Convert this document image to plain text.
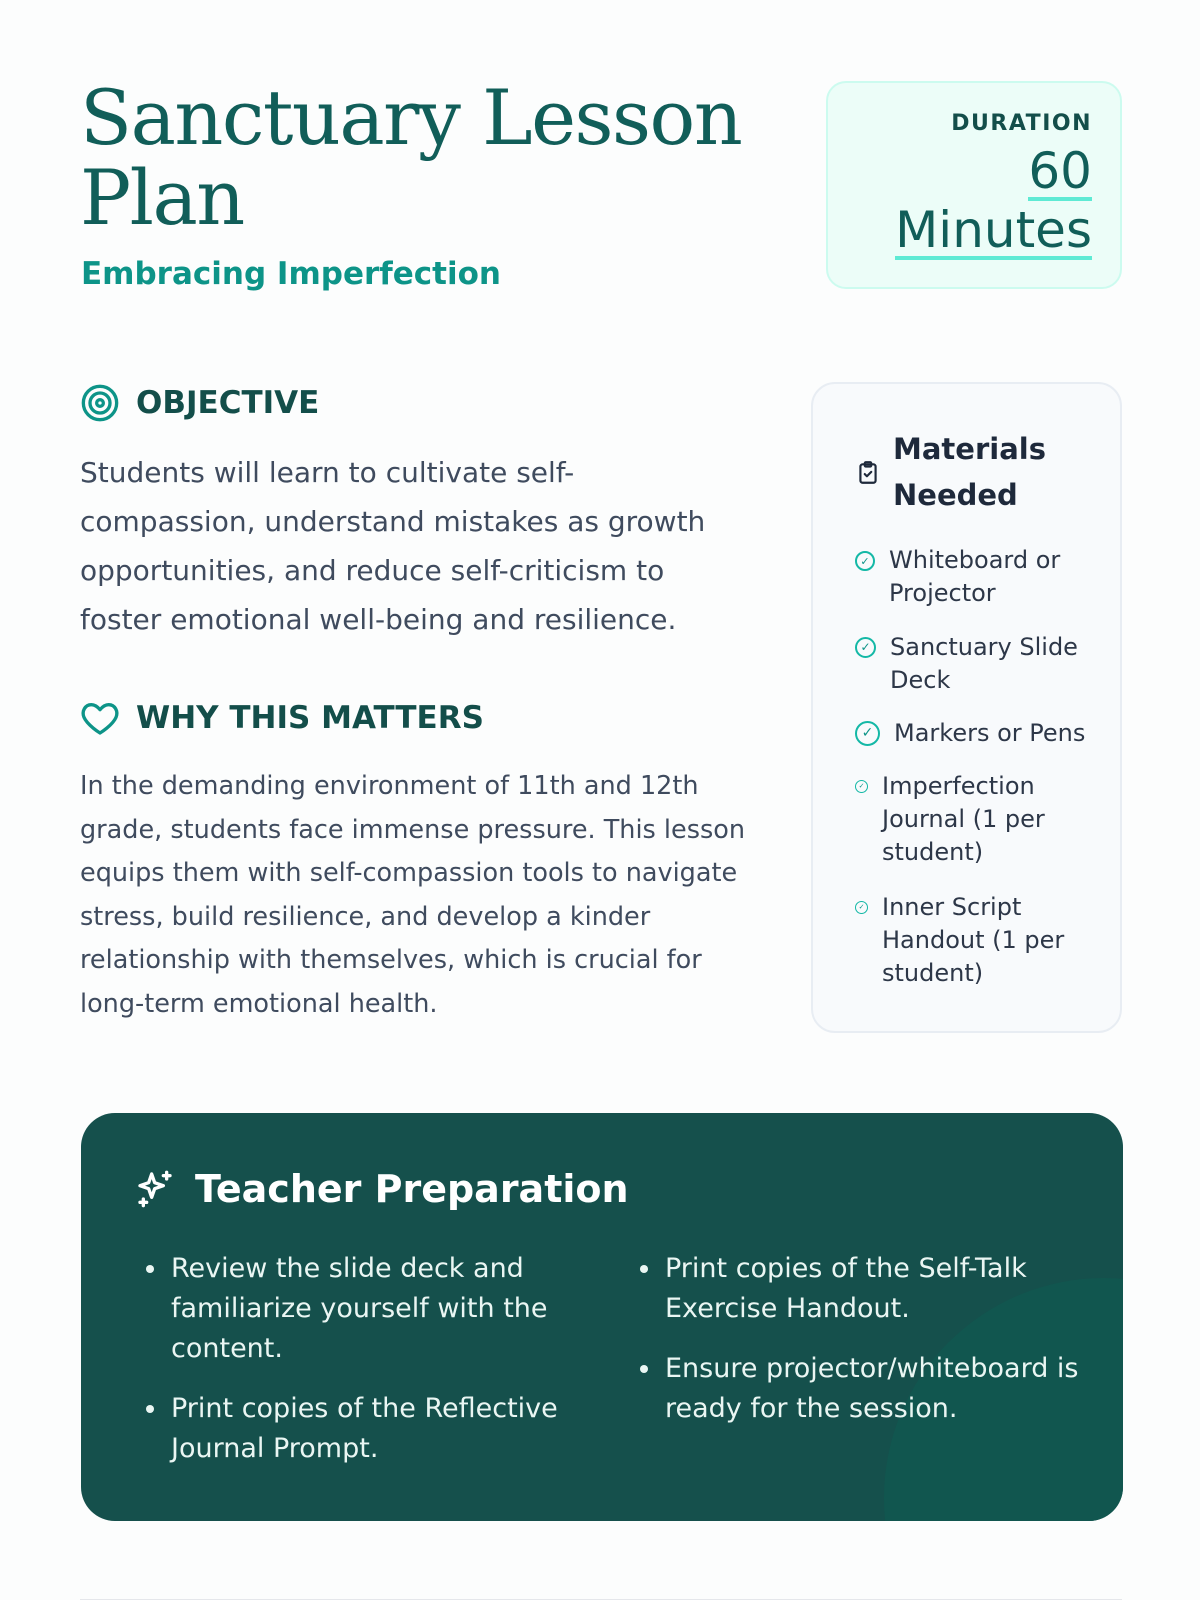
Sanctuary Lesson Plan
Embracing Imperfection
DURATION
60
Minutes
OBJECTIVE

Students will learn to cultivate self-compassion, understand mistakes as growth opportunities, and reduce self-criticism to foster emotional well-being and resilience.

WHY THIS MATTERS

In the demanding environment of 11th and 12th grade, students face immense pressure. This lesson equips them with self-compassion tools to navigate stress, build resilience, and develop a kinder relationship with themselves, which is crucial for long-term emotional health.

Materials Needed
✓ Whiteboard or Projector
✓ Sanctuary Slide Deck
✓ Markers or Pens
✓ Imperfection Journal (1 per student)
✓ Inner Script Handout (1 per student)
Teacher Preparation
• Review the slide deck and familiarize yourself with the content.
• Print copies of the Reflective Journal Prompt.
• Print copies of the Self-Talk Exercise Handout.
• Ensure projector/whiteboard is ready for the session.
